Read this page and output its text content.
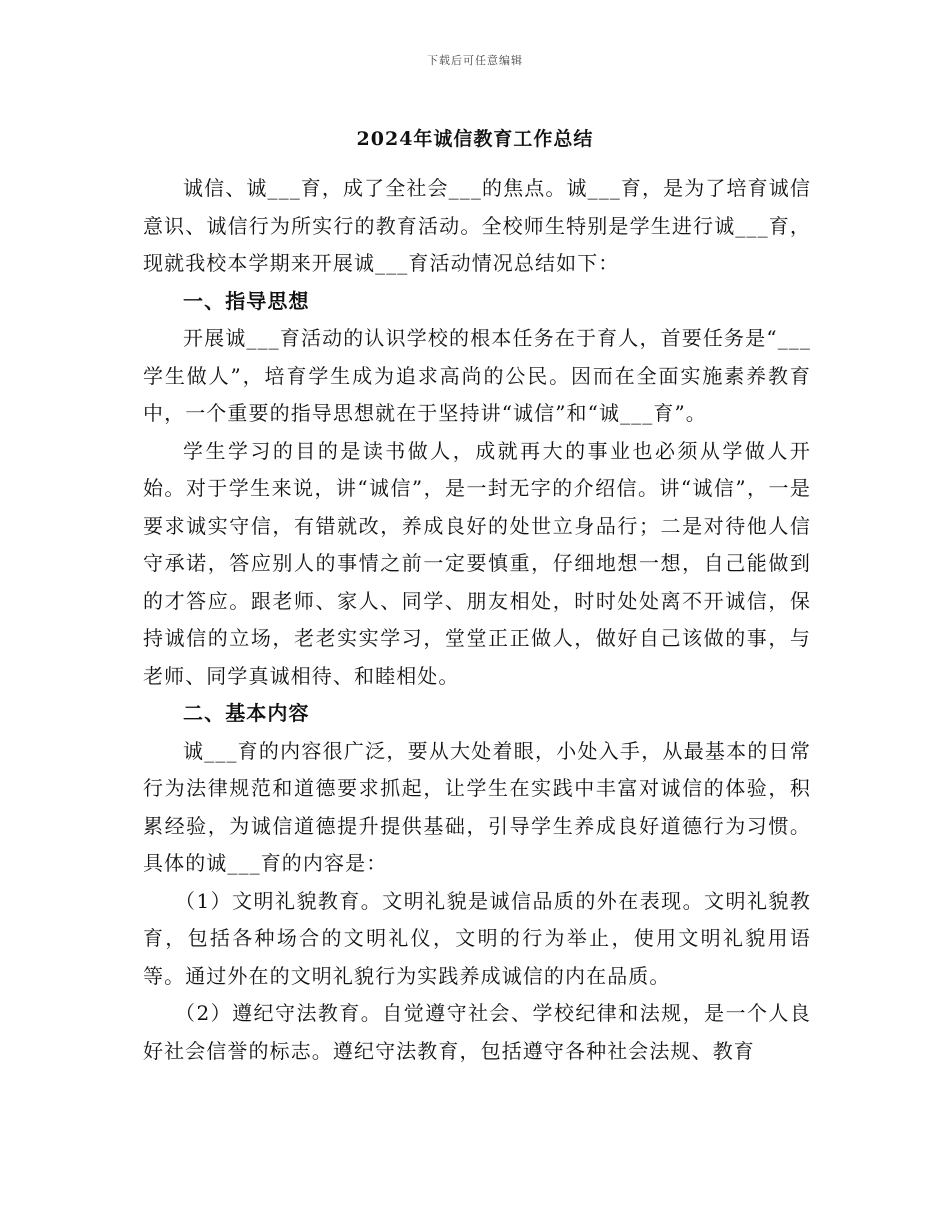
下载后可任意编辑
2024年诚信教育工作总结

诚信、诚___育，成了全社会___的焦点。诚___育，是为了培育诚信意识、诚信行为所实行的教育活动。全校师生特别是学生进行诚___育，现就我校本学期来开展诚___育活动情况总结如下：

一、指导思想

开展诚___育活动的认识学校的根本任务在于育人，首要任务是“___学生做人”，培育学生成为追求高尚的公民。因而在全面实施素养教育中，一个重要的指导思想就在于坚持讲“诚信”和“诚___育”。

学生学习的目的是读书做人，成就再大的事业也必须从学做人开始。对于学生来说，讲“诚信”，是一封无字的介绍信。讲“诚信”，一是要求诚实守信，有错就改，养成良好的处世立身品行；二是对待他人信守承诺，答应别人的事情之前一定要慎重，仔细地想一想，自己能做到的才答应。跟老师、家人、同学、朋友相处，时时处处离不开诚信，保持诚信的立场，老老实实学习，堂堂正正做人，做好自己该做的事，与老师、同学真诚相待、和睦相处。

二、基本内容

诚___育的内容很广泛，要从大处着眼，小处入手，从最基本的日常行为法律规范和道德要求抓起，让学生在实践中丰富对诚信的体验，积累经验，为诚信道德提升提供基础，引导学生养成良好道德行为习惯。具体的诚___育的内容是：

（1）文明礼貌教育。文明礼貌是诚信品质的外在表现。文明礼貌教育，包括各种场合的文明礼仪，文明的行为举止，使用文明礼貌用语等。通过外在的文明礼貌行为实践养成诚信的内在品质。

（2）遵纪守法教育。自觉遵守社会、学校纪律和法规，是一个人良好社会信誉的标志。遵纪守法教育，包括遵守各种社会法规、教育
